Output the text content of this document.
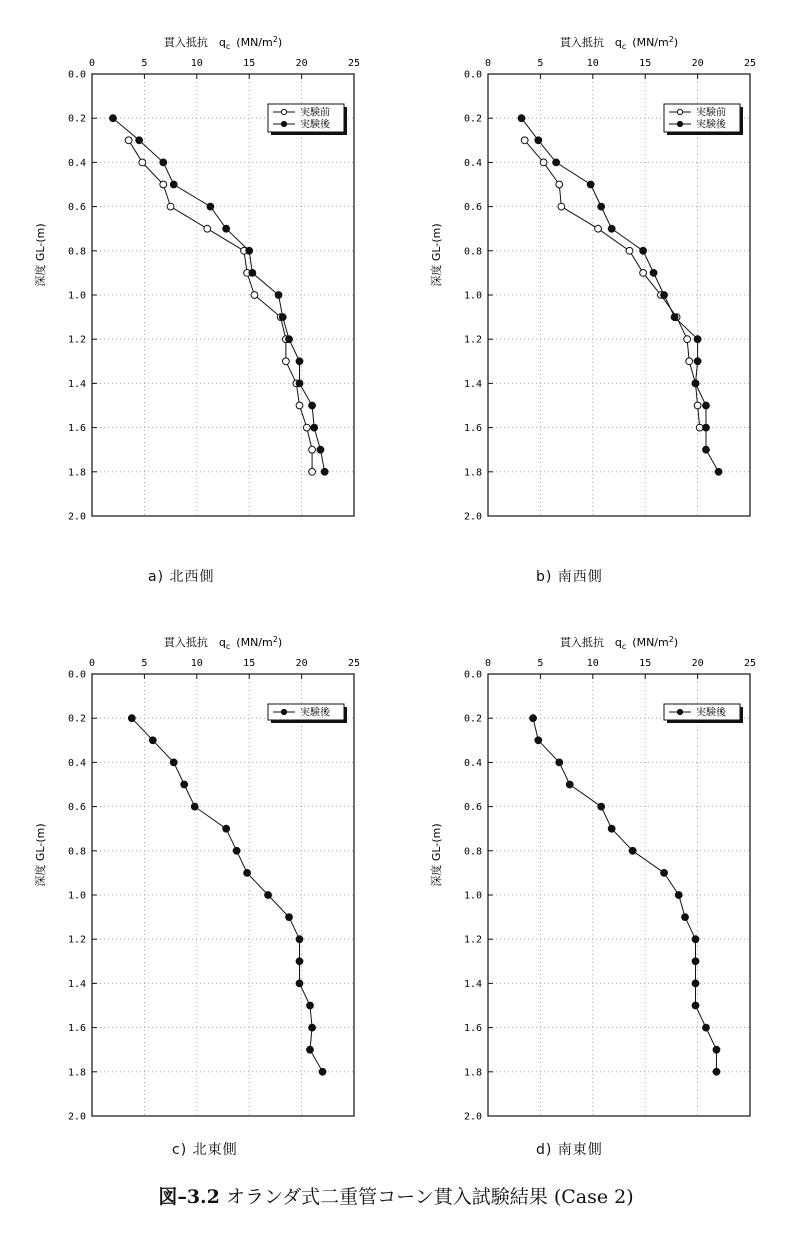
0	5	10	15	20	25
0.0
0.2
0.4
0.6
0.8
1.0
1.2
1.4
1.6
1.8
2.0
貫入抵抗　$q_c$ $(MN/m^2)$
深度 GL-(m)
実験前
実験後
a) 北西側
0	5	10	15	20	25
0.0
0.2
0.4
0.6
0.8
1.0
1.2
1.4
1.6
1.8
2.0
貫入抵抗　$q_c$ $(MN/m^2)$
深度 GL-(m)
実験前
実験後
b) 南西側
0	5	10	15	20	25
0.0
0.2
0.4
0.6
0.8
1.0
1.2
1.4
1.6
1.8
2.0
貫入抵抗　$q_c$ $(MN/m^2)$
深度 GL-(m)
実験後
c) 北東側
0	5	10	15	20	25
0.0
0.2
0.4
0.6
0.8
1.0
1.2
1.4
1.6
1.8
2.0
貫入抵抗　$q_c$ $(MN/m^2)$
深度 GL-(m)
実験後
d) 南東側
図–3.2 オランダ式二重管コーン貫入試験結果 (Case 2)
